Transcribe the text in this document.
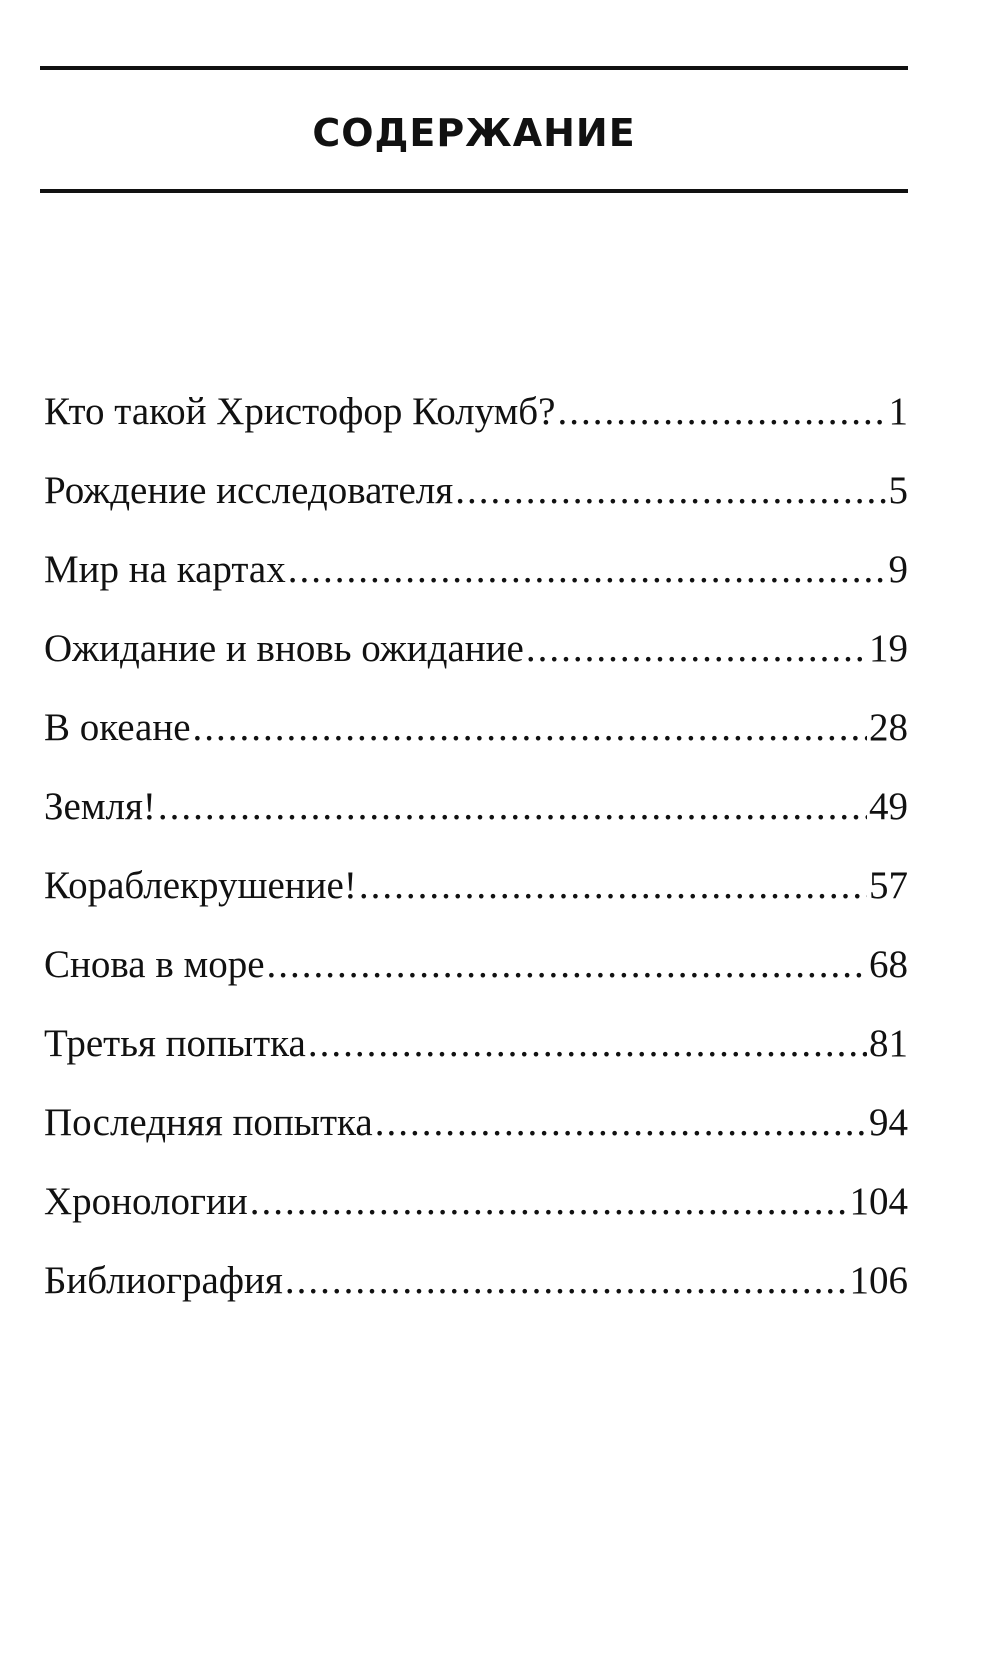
СОДЕРЖАНИЕ
Кто такой Христофор Колумб? .....	1
Рождение исследователя .....	5
Мир на картах .....	9
Ожидание и вновь ожидание .....	19
В океане .....	28
Земля! .....	49
Кораблекрушение! .....	57
Снова в море .....	68
Третья попытка .....	81
Последняя попытка .....	94
Хронологии .....	104
Библиография .....	106
